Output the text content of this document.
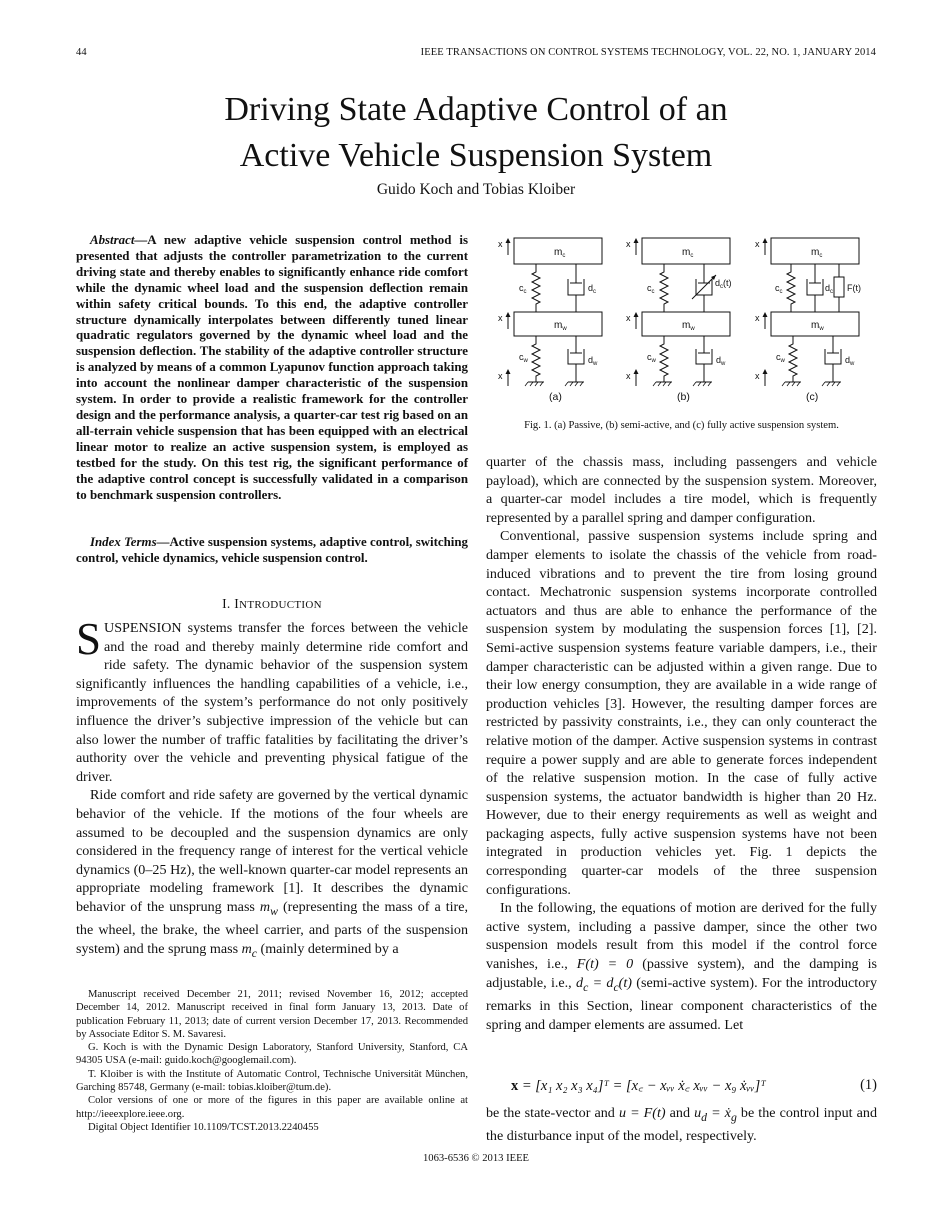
44	IEEE TRANSACTIONS ON CONTROL SYSTEMS TECHNOLOGY, VOL. 22, NO. 1, JANUARY 2014
Driving State Adaptive Control of an
Active Vehicle Suspension System
Guido Koch and Tobias Kloiber
Abstract—A new adaptive vehicle suspension control method is presented that adjusts the controller parametrization to the current driving state and thereby enables to significantly enhance ride comfort while the dynamic wheel load and the suspension deflection remain within safety critical bounds. To this end, the adaptive controller structure dynamically interpolates between differently tuned linear quadratic regulators governed by the dynamic wheel load and the suspension deflection. The stability of the adaptive controller structure is analyzed by means of a common Lyapunov function approach taking into account the nonlinear damper characteristic of the suspension system. In order to provide a realistic framework for the controller design and the performance analysis, a quarter-car test rig based on an all-terrain vehicle suspension that has been equipped with an electrical linear motor to realize an active suspension system, is employed as testbed for the study. On this test rig, the significant performance of the adaptive control concept is successfully validated in a comparison to benchmark suspension controllers.
Index Terms—Active suspension systems, adaptive control, switching control, vehicle dynamics, vehicle suspension control.
I. INTRODUCTION

SUSPENSION systems transfer the forces between the vehicle and the road and thereby mainly determine ride comfort and ride safety. The dynamic behavior of the suspension system significantly influences the handling capabilities of a vehicle, i.e., improvements of the system’s performance do not only positively influence the driver’s subjective impression of the vehicle but can also lower the number of traffic fatalities by facilitating the driver’s authority over the vehicle and preventing physical fatigue of the driver.

Ride comfort and ride safety are governed by the vertical dynamic behavior of the vehicle. If the motions of the four wheels are assumed to be decoupled and the suspension dynamics are only considered in the frequency range of interest for the vertical vehicle dynamics (0–25 Hz), the well-known quarter-car model represents an appropriate modeling framework [1]. It describes the dynamic behavior of the unsprung mass $m_w$ (representing the mass of a tire, the wheel, the brake, the wheel carrier, and parts of the suspension system) and the sprung mass $m_c$ (mainly determined by a

Manuscript received December 21, 2011; revised November 16, 2012; accepted December 14, 2012. Manuscript received in final form January 13, 2013. Date of publication February 11, 2013; date of current version December 17, 2013. Recommended by Associate Editor S. M. Savaresi.

G. Koch is with the Dynamic Design Laboratory, Stanford University, Stanford, CA 94305 USA (e-mail: guido.koch@googlemail.com).

T. Kloiber is with the Institute of Automatic Control, Technische Universität München, Garching 85748, Germany (e-mail: tobias.kloiber@tum.de).

Color versions of one or more of the figures in this paper are available online at http://ieeexplore.ieee.org.

Digital Object Identifier 10.1109/TCST.2013.2240455

$m_c$
$c_c$	$d_c$
$m_w$
$c_w$	$d_w$
x
x
x
(a)
$m_c$
$c_c$
$d_c(t)$
$m_w$
$c_w$	$d_w$
x
x
x
(b)
$m_c$
$c_c$	$d_c$ F(t)
$m_w$
$c_w$	$d_w$
x
x
x
(c)
Fig. 1. (a) Passive, (b) semi-active, and (c) fully active suspension system.

quarter of the chassis mass, including passengers and vehicle payload), which are connected by the suspension system. Moreover, a quarter-car model includes a tire model, which is frequently represented by a parallel spring and damper configuration.

Conventional, passive suspension systems include spring and damper elements to isolate the chassis of the vehicle from road-induced vibrations and to prevent the tire from losing ground contact. Mechatronic suspension systems incorporate controlled actuators and thus are able to enhance the performance of the suspension system by modulating the suspension forces [1], [2]. Semi-active suspension systems feature variable dampers, i.e., their damper characteristic can be adjusted within a given range. Due to their low energy consumption, they are available in a wide range of production vehicles [3]. However, the resulting damper forces are restricted by passivity constraints, i.e., they can only counteract the relative motion of the damper. Active suspension systems in contrast require a power supply and are able to generate forces independent of the relative suspension motion. In the case of fully active suspension systems, the actuator bandwidth is higher than 20 Hz. However, due to their energy requirements as well as weight and packaging aspects, fully active suspension systems have not been integrated in production vehicles yet. Fig. 1 depicts the corresponding quarter-car models of the three suspension configurations.

In the following, the equations of motion are derived for the fully active system, including a passive damper, since the other two suspension models result from this model if the control force vanishes, i.e., F(t) = 0 (passive system), and the damping is adjustable, i.e., $d_c = d_c(t)$ (semi-active system). For the introductory remarks in this Section, linear component characteristics of the spring and damper elements are assumed. Let

x = [x₁ x₂ x₃ x₄]ᵀ = [x꜀ − xᵥᵥ ẋ꜀ xᵥᵥ − x₉ ẋᵥᵥ]ᵀ	(1)

be the state-vector and u = F(t) and $u_d$ = ẋ$_g$ be the control input and the disturbance input of the model, respectively.

1063-6536 © 2013 IEEE
